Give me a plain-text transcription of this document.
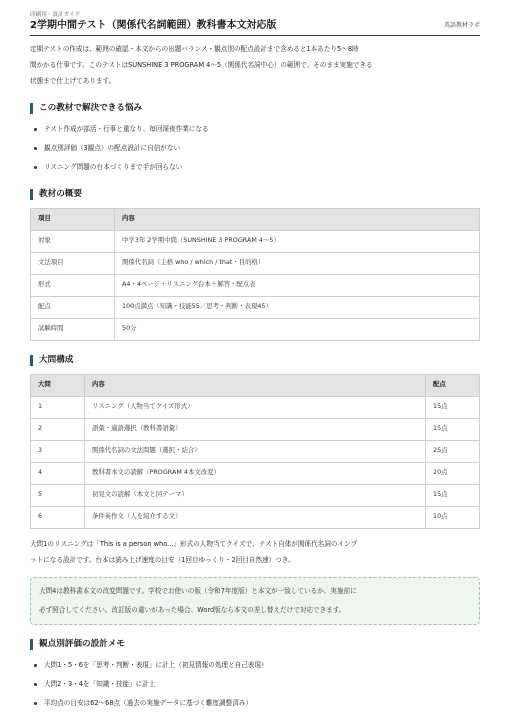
印刷用・設計ガイド
2学期中間テスト（関係代名詞範囲）教科書本文対応版	英語教材ラボ
定期テストの作成は、範囲の確認・本文からの出題バランス・観点別の配点設計まで含めると1本あたり5〜8時
間かかる仕事です。このテストはSUNSHINE 3 PROGRAM 4〜5（関係代名詞中心）の範囲で、そのまま実施できる
状態まで仕上げてあります。
この教材で解決できる悩み
テスト作成が部活・行事と重なり、毎回深夜作業になる
観点別評価（3観点）の配点設計に自信がない
リスニング問題の台本づくりまで手が回らない
教材の概要
項目	内容
対象	中学3年 2学期中間（SUNSHINE 3 PROGRAM 4〜5）
文法項目	関係代名詞（主格 who / which / that・目的格）
形式	A4・4ページ＋リスニング台本＋解答・配点表
配点	100点満点（知識・技能55／思考・判断・表現45）
試験時間	50分
大問構成
大問	内容	配点
1	リスニング（人物当てクイズ形式）	15点
2	語彙・適語選択（教科書語彙）	15点
3	関係代名詞の文法問題（選択・結合）	25点
4	教科書本文の読解（PROGRAM 4本文改変）	20点
5	初見文の読解（本文と同テーマ）	15点
6	条件英作文（人を紹介する文）	10点
大問1のリスニングは「This is a person who...」形式の人物当てクイズで、テスト自体が関係代名詞のインプ
ットになる設計です。台本は読み上げ速度の目安（1回目ゆっくり・2回目自然速）つき。
大問4は教科書本文の改変問題です。学校でお使いの版（令和7年度版）と本文が一致しているか、実施前に
必ず照合してください。改訂版の違いがあった場合、Word版なら本文の差し替えだけで対応できます。
観点別評価の設計メモ
大問1・5・6を「思考・判断・表現」に計上（初見情報の処理と自己表現）
大問2・3・4を「知識・技能」に計上
平均点の目安は62〜68点（過去の実施データに基づく難度調整済み）
